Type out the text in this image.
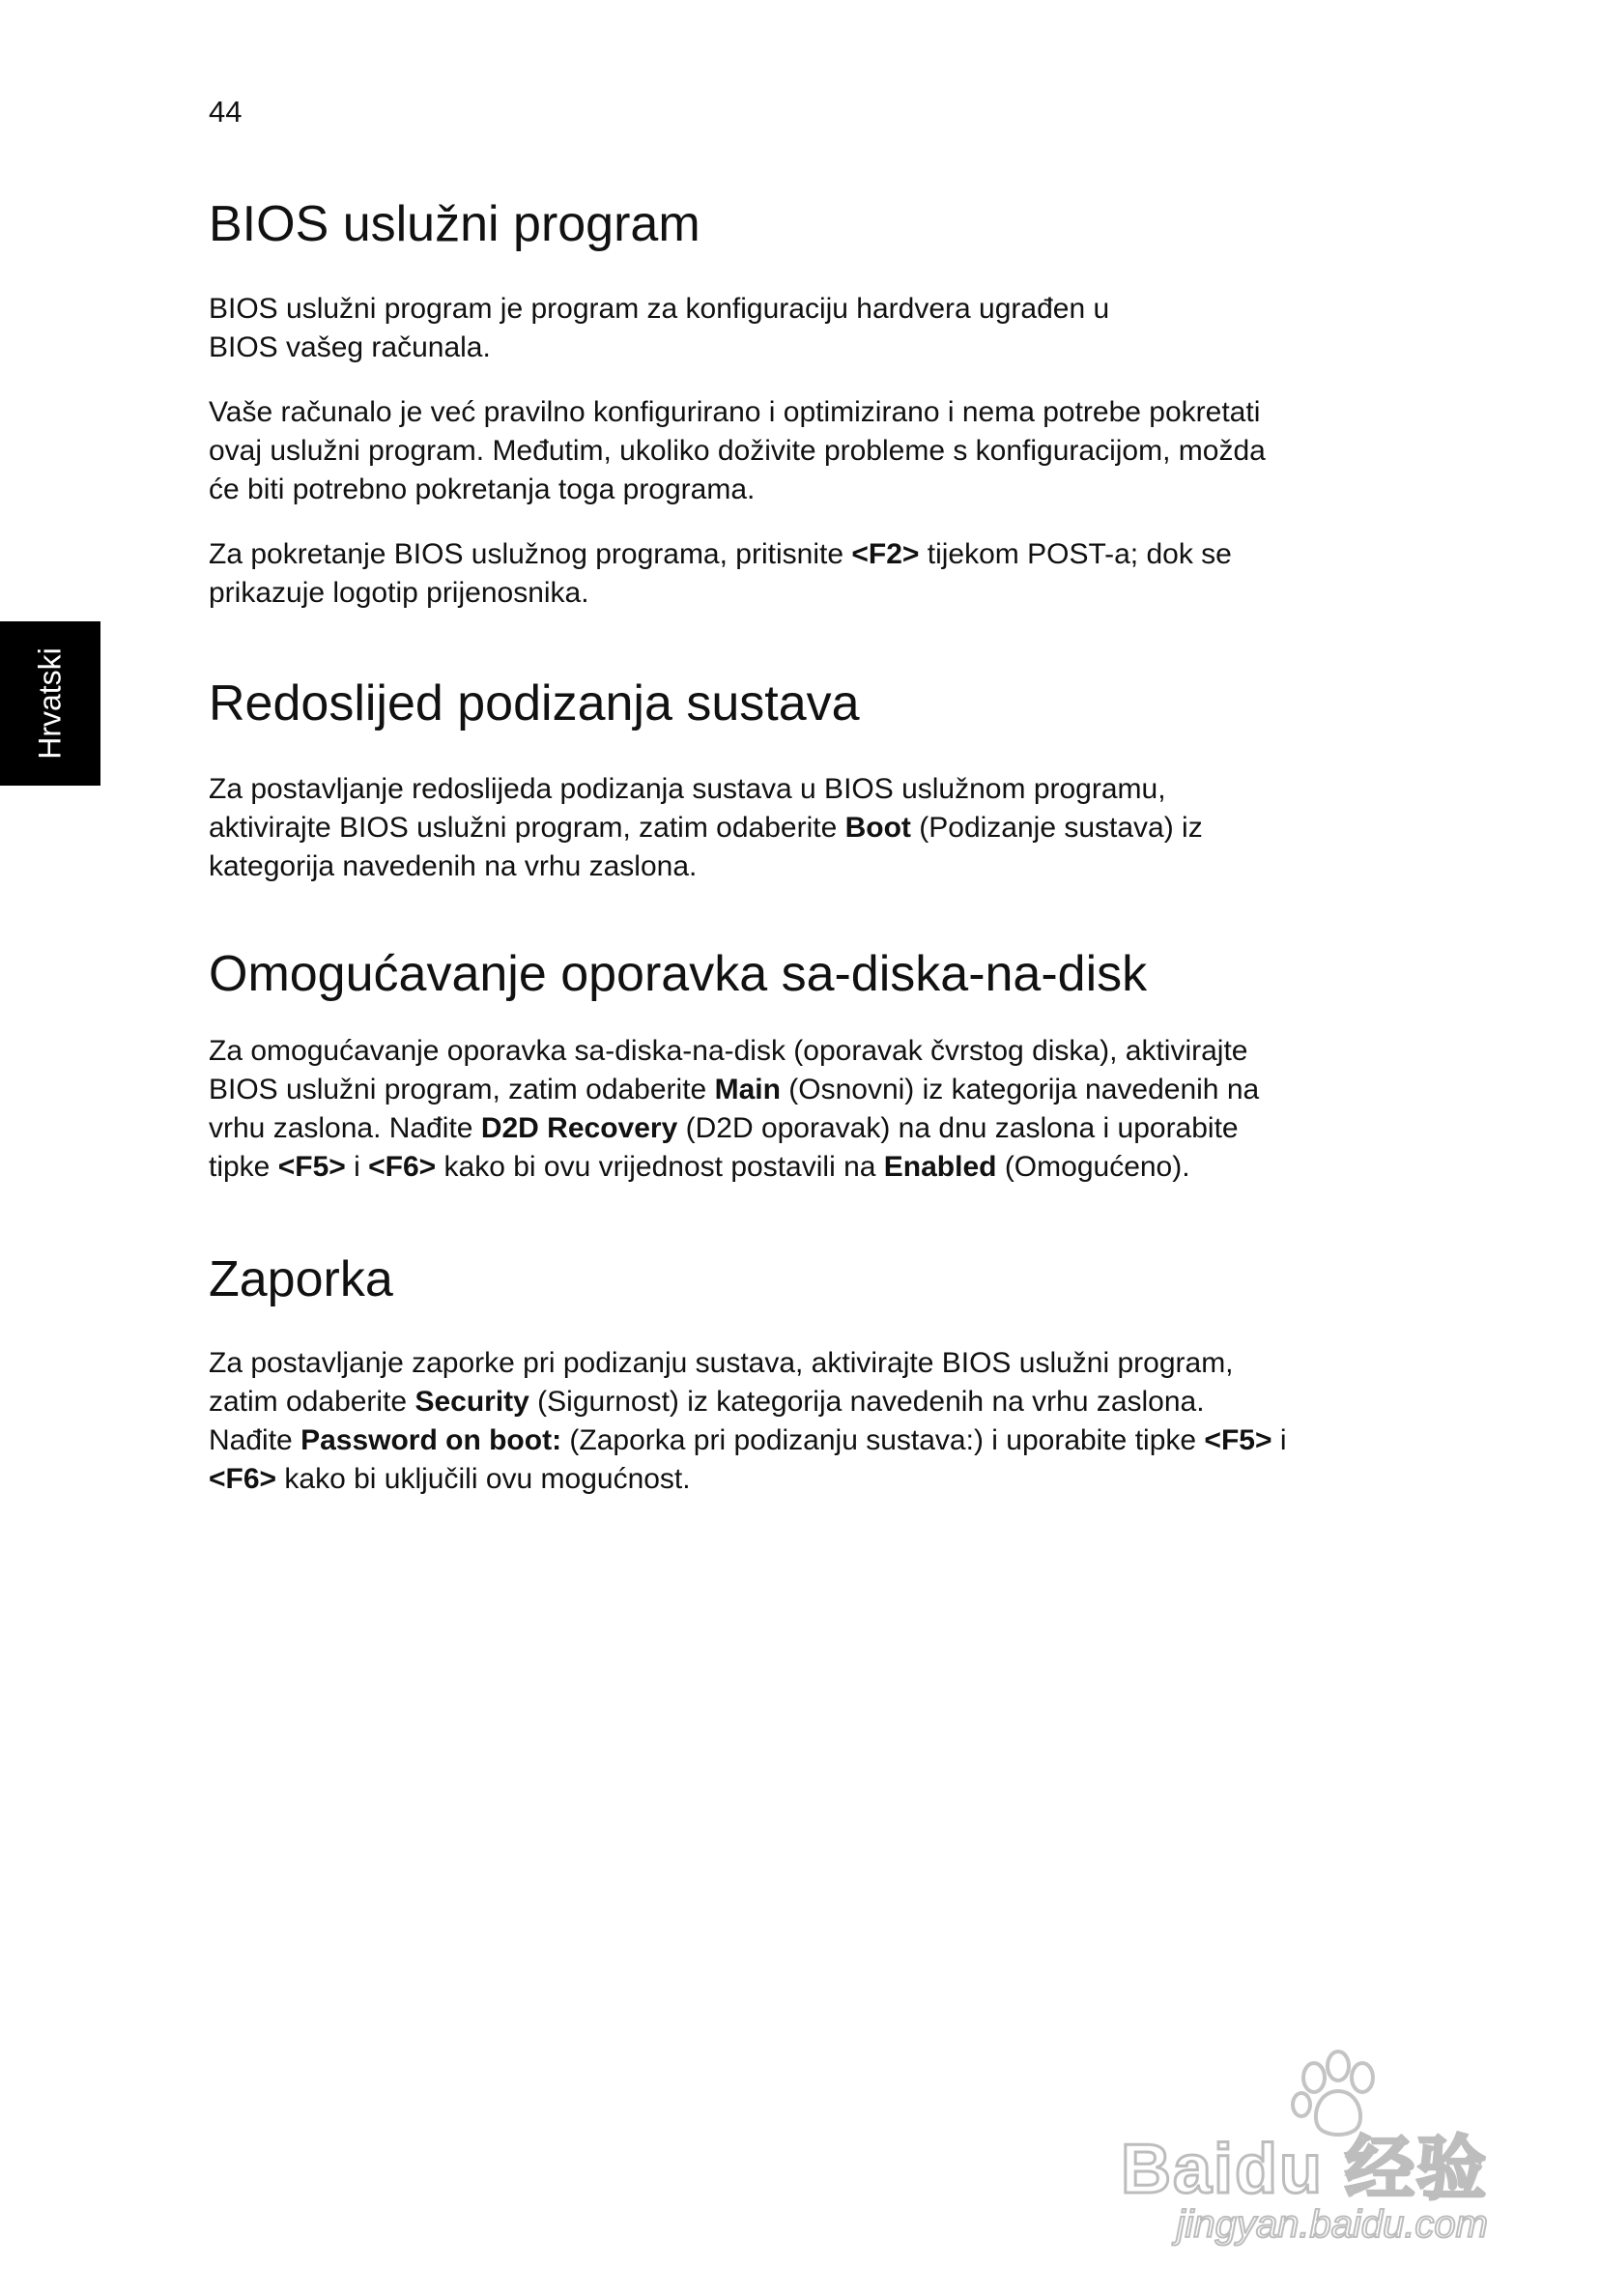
44
Hrvatski
BIOS uslužni program

BIOS uslužni program je program za konfiguraciju hardvera ugrađen u
BIOS vašeg računala.

Vaše računalo je već pravilno konfigurirano i optimizirano i nema potrebe pokretati
ovaj uslužni program. Međutim, ukoliko doživite probleme s konfiguracijom, možda
će biti potrebno pokretanja toga programa.

Za pokretanje BIOS uslužnog programa, pritisnite <F2> tijekom POST-a; dok se
prikazuje logotip prijenosnika.

Redoslijed podizanja sustava

Za postavljanje redoslijeda podizanja sustava u BIOS uslužnom programu,
aktivirajte BIOS uslužni program, zatim odaberite Boot (Podizanje sustava) iz
kategorija navedenih na vrhu zaslona.

Omogućavanje oporavka sa-diska-na-disk

Za omogućavanje oporavka sa-diska-na-disk (oporavak čvrstog diska), aktivirajte
BIOS uslužni program, zatim odaberite Main (Osnovni) iz kategorija navedenih na
vrhu zaslona. Nađite D2D Recovery (D2D oporavak) na dnu zaslona i uporabite
tipke <F5> i <F6> kako bi ovu vrijednost postavili na Enabled (Omogućeno).

Zaporka

Za postavljanje zaporke pri podizanju sustava, aktivirajte BIOS uslužni program,
zatim odaberite Security (Sigurnost) iz kategorija navedenih na vrhu zaslona.
Nađite Password on boot: (Zaporka pri podizanju sustava:) i uporabite tipke <F5> i
<F6> kako bi uključili ovu mogućnost.

Baidu 经验
jingyan.baidu.com
